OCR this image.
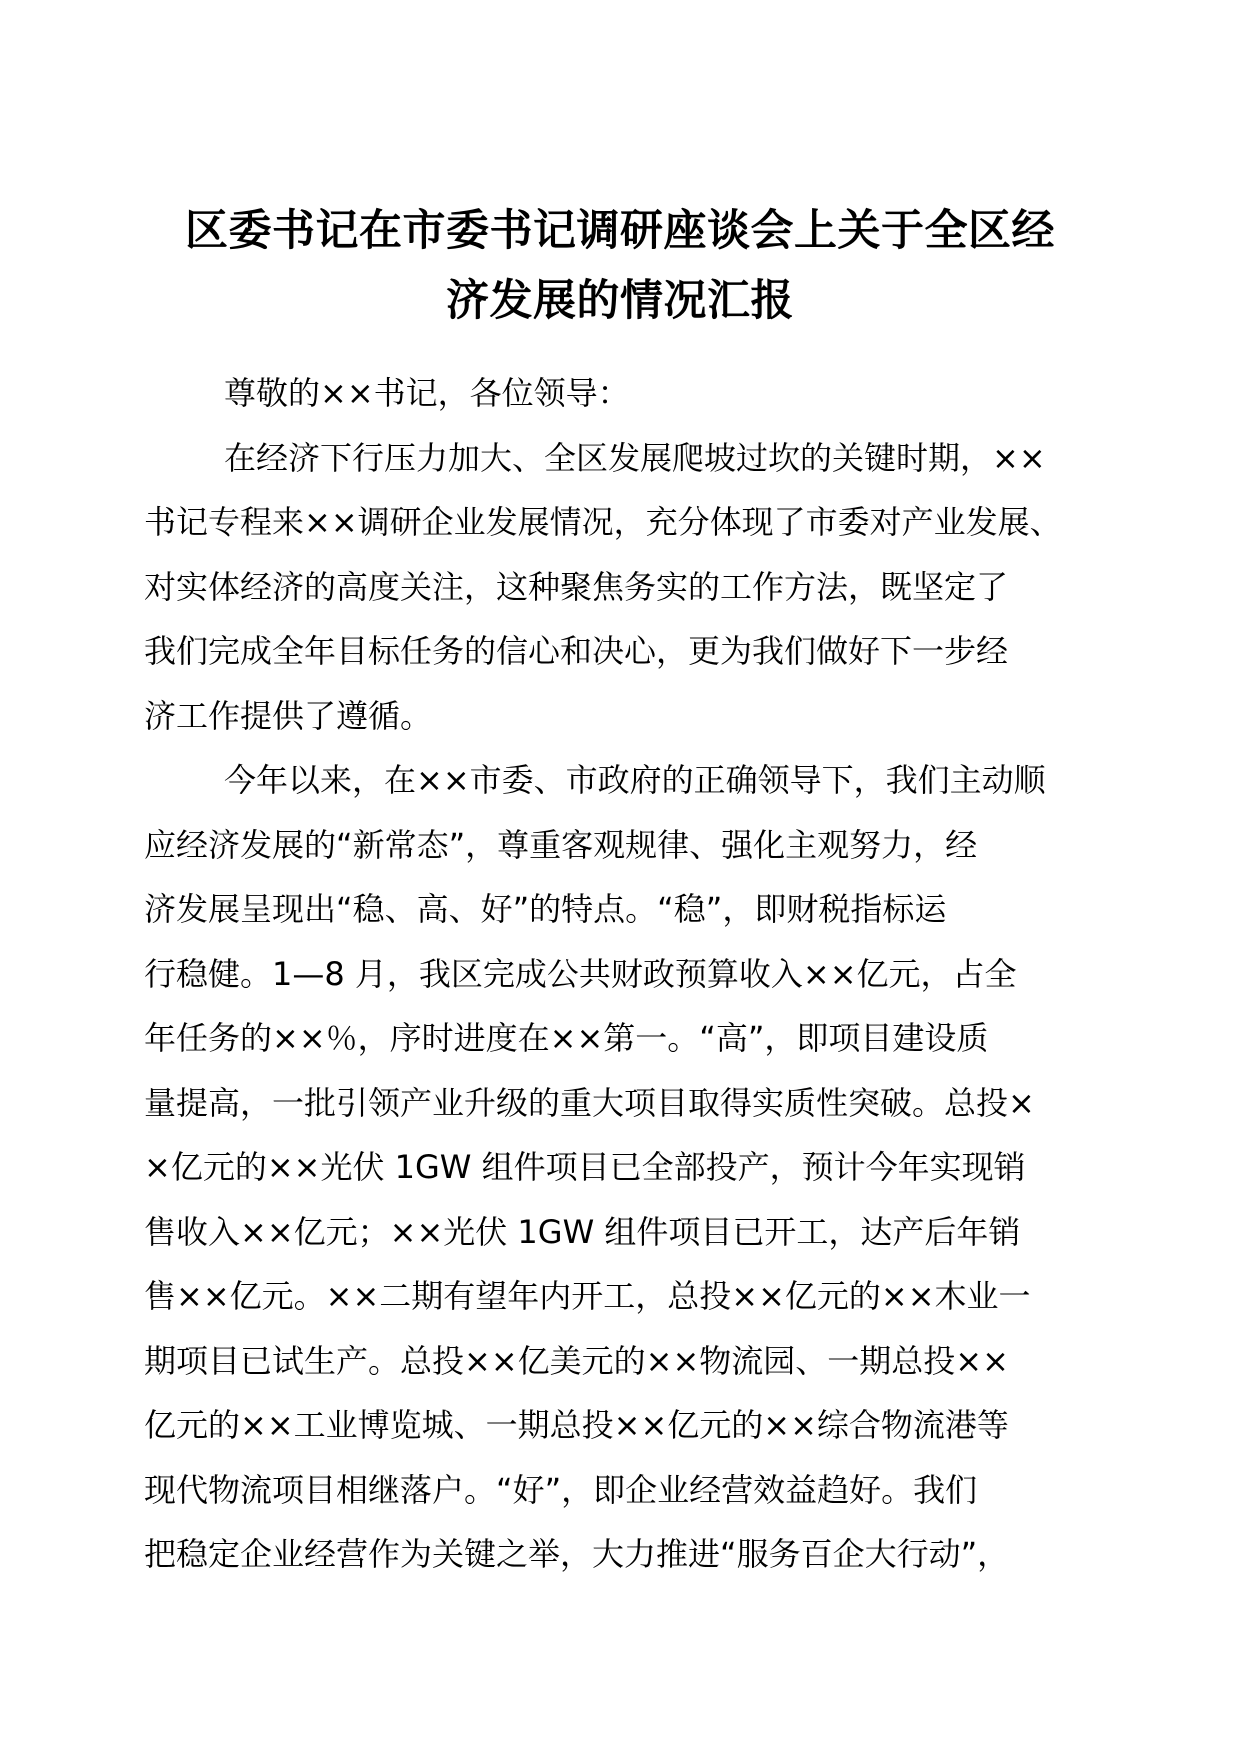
区委书记在市委书记调研座谈会上关于全区经
济发展的情况汇报
尊敬的××书记，各位领导：
在经济下行压力加大、全区发展爬坡过坎的关键时期，××
书记专程来××调研企业发展情况，充分体现了市委对产业发展、
对实体经济的高度关注，这种聚焦务实的工作方法，既坚定了
我们完成全年目标任务的信心和决心，更为我们做好下一步经
济工作提供了遵循。
今年以来，在××市委、市政府的正确领导下，我们主动顺
应经济发展的“新常态”，尊重客观规律、强化主观努力，经
济发展呈现出“稳、高、好”的特点。“稳”，即财税指标运
行稳健。1—8 月，我区完成公共财政预算收入××亿元，占全
年任务的××％，序时进度在××第一。“高”，即项目建设质
量提高，一批引领产业升级的重大项目取得实质性突破。总投×
×亿元的××光伏 1GW 组件项目已全部投产，预计今年实现销
售收入××亿元；××光伏 1GW 组件项目已开工，达产后年销
售××亿元。××二期有望年内开工，总投××亿元的××木业一
期项目已试生产。总投××亿美元的××物流园、一期总投××
亿元的××工业博览城、一期总投××亿元的××综合物流港等
现代物流项目相继落户。“好”，即企业经营效益趋好。我们
把稳定企业经营作为关键之举，大力推进“服务百企大行动”，
